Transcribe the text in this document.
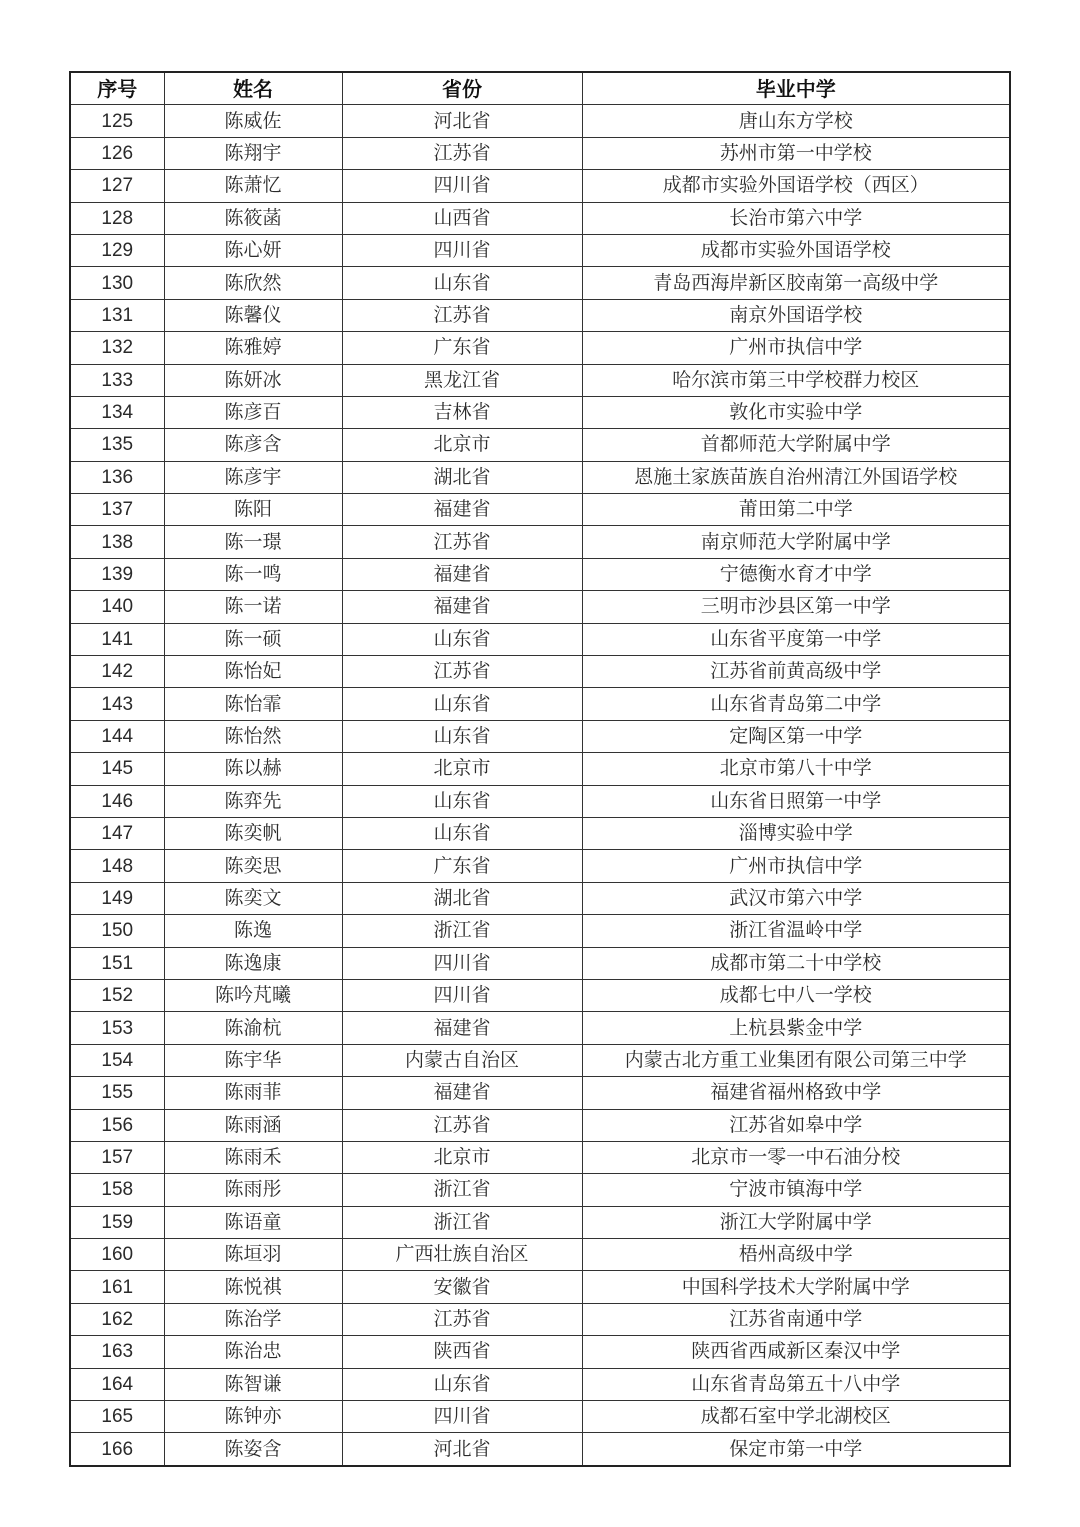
序号	姓名	省份	毕业中学
125	陈威佐	河北省	唐山东方学校
126	陈翔宇	江苏省	苏州市第一中学校
127	陈萧忆	四川省	成都市实验外国语学校（西区）
128	陈筱菡	山西省	长治市第六中学
129	陈心妍	四川省	成都市实验外国语学校
130	陈欣然	山东省	青岛西海岸新区胶南第一高级中学
131	陈馨仪	江苏省	南京外国语学校
132	陈雅婷	广东省	广州市执信中学
133	陈妍冰	黑龙江省	哈尔滨市第三中学校群力校区
134	陈彦百	吉林省	敦化市实验中学
135	陈彦含	北京市	首都师范大学附属中学
136	陈彦宇	湖北省	恩施土家族苗族自治州清江外国语学校
137	陈阳	福建省	莆田第二中学
138	陈一璟	江苏省	南京师范大学附属中学
139	陈一鸣	福建省	宁德衡水育才中学
140	陈一诺	福建省	三明市沙县区第一中学
141	陈一硕	山东省	山东省平度第一中学
142	陈怡妃	江苏省	江苏省前黄高级中学
143	陈怡霏	山东省	山东省青岛第二中学
144	陈怡然	山东省	定陶区第一中学
145	陈以赫	北京市	北京市第八十中学
146	陈弈先	山东省	山东省日照第一中学
147	陈奕帆	山东省	淄博实验中学
148	陈奕思	广东省	广州市执信中学
149	陈奕文	湖北省	武汉市第六中学
150	陈逸	浙江省	浙江省温岭中学
151	陈逸康	四川省	成都市第二十中学校
152	陈吟芃曦	四川省	成都七中八一学校
153	陈渝杭	福建省	上杭县紫金中学
154	陈宇华	内蒙古自治区	内蒙古北方重工业集团有限公司第三中学
155	陈雨菲	福建省	福建省福州格致中学
156	陈雨涵	江苏省	江苏省如皋中学
157	陈雨禾	北京市	北京市一零一中石油分校
158	陈雨彤	浙江省	宁波市镇海中学
159	陈语童	浙江省	浙江大学附属中学
160	陈垣羽	广西壮族自治区	梧州高级中学
161	陈悦祺	安徽省	中国科学技术大学附属中学
162	陈治学	江苏省	江苏省南通中学
163	陈治忠	陕西省	陕西省西咸新区秦汉中学
164	陈智谦	山东省	山东省青岛第五十八中学
165	陈钟亦	四川省	成都石室中学北湖校区
166	陈姿含	河北省	保定市第一中学
